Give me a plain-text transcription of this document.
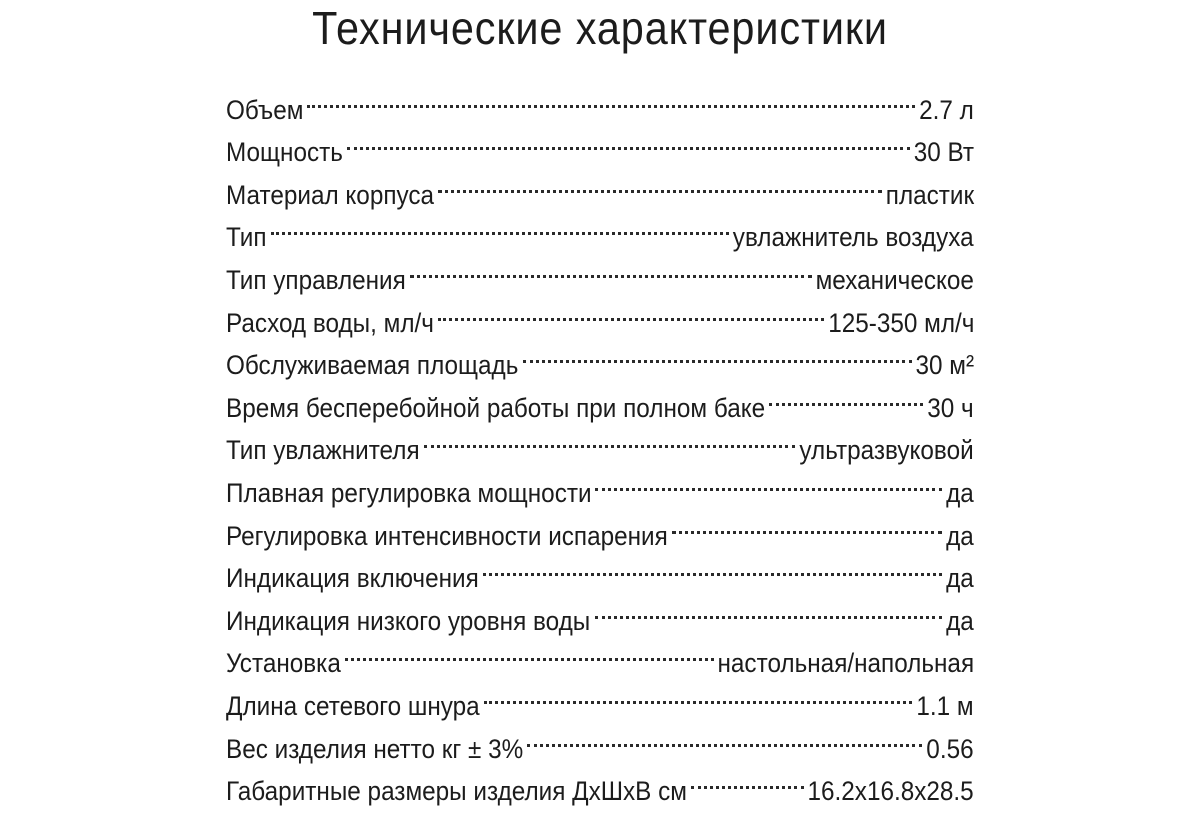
Технические характеристики
Объем	2.7 л
Мощность	30 Вт
Материал корпуса	пластик
Тип	увлажнитель воздуха
Тип управления	механическое
Расход воды, мл/ч	125-350 мл/ч
Обслуживаемая площадь	30 м²
Время бесперебойной работы при полном баке	30 ч
Тип увлажнителя	ультразвуковой
Плавная регулировка мощности	да
Регулировка интенсивности испарения	да
Индикация включения	да
Индикация низкого уровня воды	да
Установка	настольная/напольная
Длина сетевого шнура	1.1 м
Вес изделия нетто кг ± 3%	0.56
Габаритные размеры изделия ДхШхВ см	16.2x16.8x28.5
